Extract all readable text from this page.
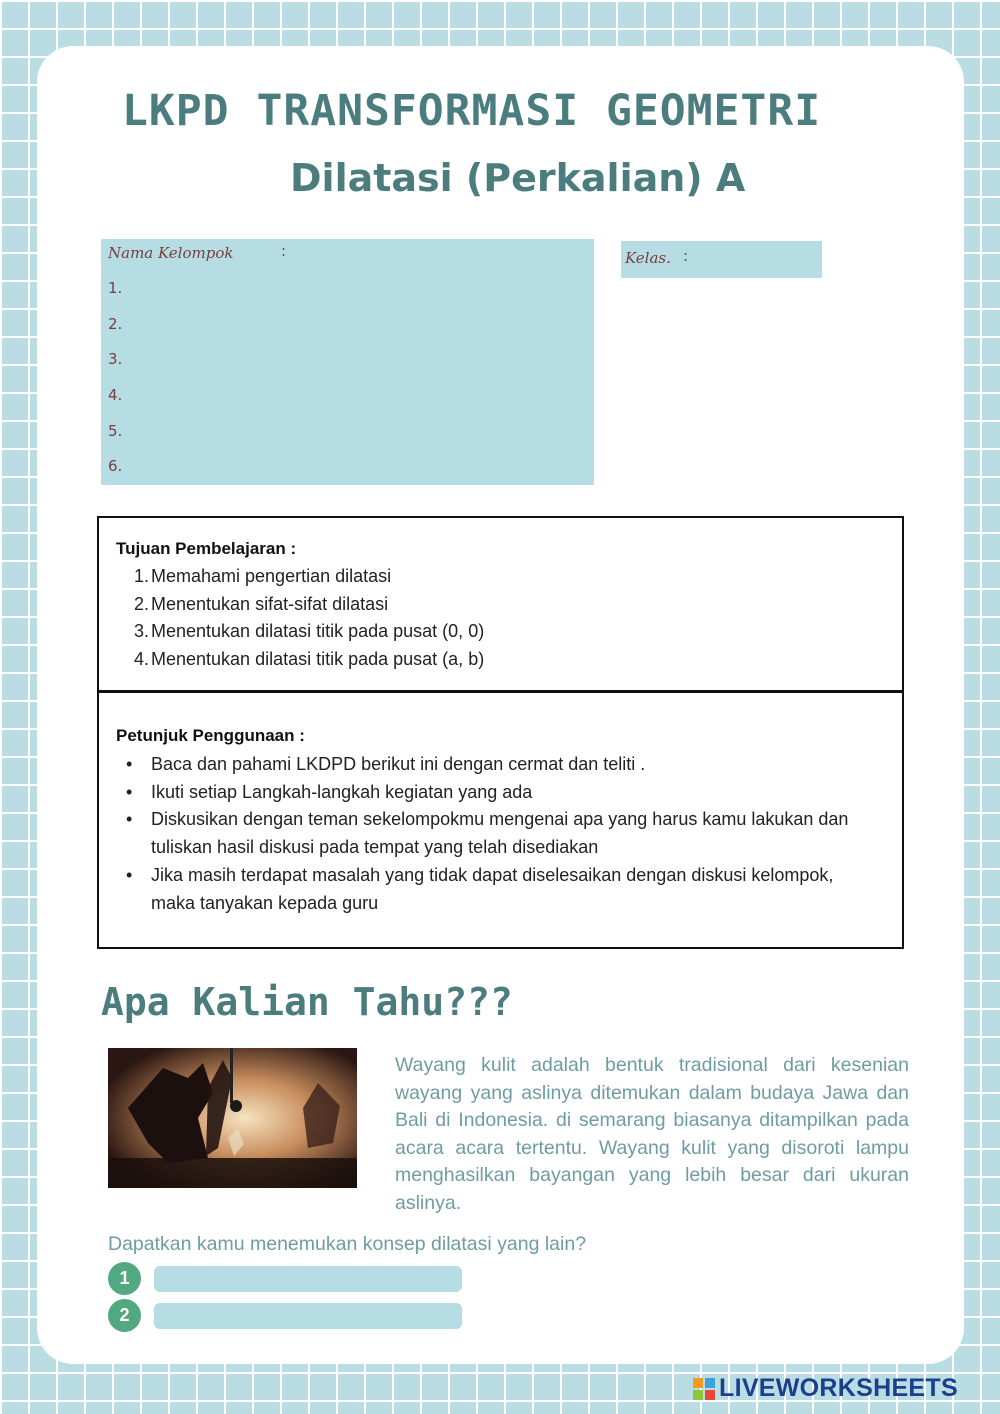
LKPD TRANSFORMASI GEOMETRI
Dilatasi (Perkalian) A
Nama Kelompok	:
1.
2.
3.
4.
5.
6.
Kelas. :
Tujuan Pembelajaran :
1. Memahami pengertian dilatasi
2. Menentukan sifat-sifat dilatasi
3. Menentukan dilatasi titik pada pusat (0, 0)
4. Menentukan dilatasi titik pada pusat (a, b)
Petunjuk Penggunaan :
• Baca dan pahami LKDPD berikut ini dengan cermat dan teliti .
• Ikuti setiap Langkah-langkah kegiatan yang ada
• Diskusikan dengan teman sekelompokmu mengenai apa yang harus kamu lakukan dan tuliskan hasil diskusi pada tempat yang telah disediakan
• Jika masih terdapat masalah yang tidak dapat diselesaikan dengan diskusi kelompok, maka tanyakan kepada guru
Apa Kalian Tahu???

Wayang kulit adalah bentuk tradisional dari kesenian wayang yang aslinya ditemukan dalam budaya Jawa dan Bali di Indonesia. di semarang biasanya ditampilkan pada acara acara tertentu. Wayang kulit yang disoroti lampu menghasilkan bayangan yang lebih besar dari ukuran aslinya.

Dapatkan kamu menemukan konsep dilatasi yang lain?
1
2
LIVEWORKSHEETS
